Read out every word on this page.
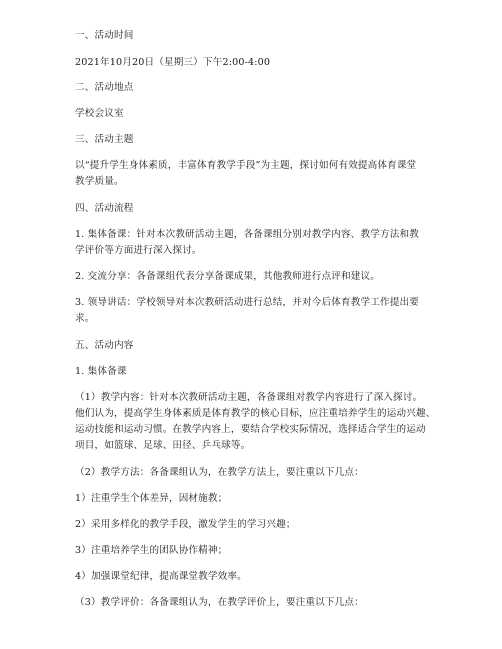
一、活动时间
2021年10月20日（星期三）下午2:00-4:00
二、活动地点
学校会议室
三、活动主题
以“提升学生身体素质，丰富体育教学手段”为主题，探讨如何有效提高体育课堂
教学质量。
四、活动流程
1. 集体备课：针对本次教研活动主题，各备课组分别对教学内容、教学方法和教
学评价等方面进行深入探讨。
2. 交流分享：各备课组代表分享备课成果，其他教师进行点评和建议。
3. 领导讲话：学校领导对本次教研活动进行总结，并对今后体育教学工作提出要
求。
五、活动内容
1. 集体备课
（1）教学内容：针对本次教研活动主题，各备课组对教学内容进行了深入探讨。
他们认为，提高学生身体素质是体育教学的核心目标，应注重培养学生的运动兴趣、
运动技能和运动习惯。在教学内容上，要结合学校实际情况，选择适合学生的运动
项目，如篮球、足球、田径、乒乓球等。
（2）教学方法：各备课组认为，在教学方法上，要注重以下几点：
1）注重学生个体差异，因材施教；
2）采用多样化的教学手段，激发学生的学习兴趣；
3）注重培养学生的团队协作精神；
4）加强课堂纪律，提高课堂教学效率。
（3）教学评价：各备课组认为，在教学评价上，要注重以下几点：
